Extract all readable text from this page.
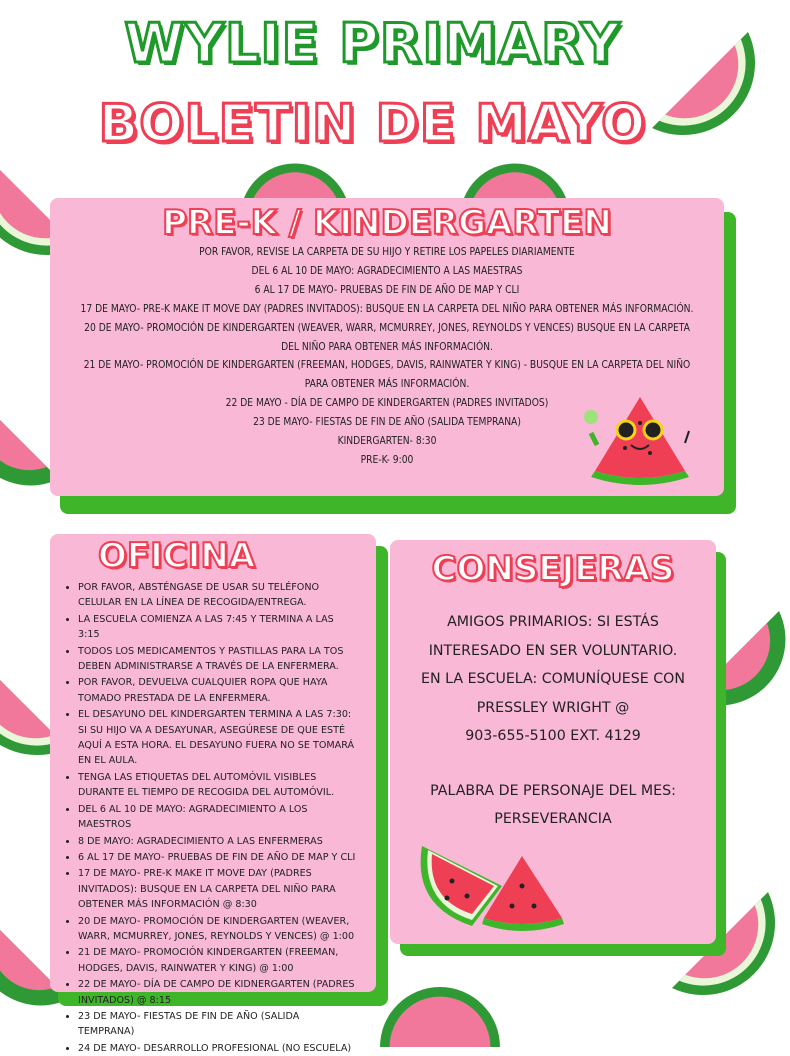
WYLIE PRIMARY
BOLETIN DE MAYO
PRE-K / KINDERGARTEN

POR FAVOR, REVISE LA CARPETA DE SU HIJO Y RETIRE LOS PAPELES DIARIAMENTE

DEL 6 AL 10 DE MAYO: AGRADECIMIENTO A LAS MAESTRAS

6 AL 17 DE MAYO- PRUEBAS DE FIN DE AÑO DE MAP Y CLI

17 DE MAYO- PRE-K MAKE IT MOVE DAY (PADRES INVITADOS): BUSQUE EN LA CARPETA DEL NIÑO PARA OBTENER MÁS INFORMACIÓN.

20 DE MAYO- PROMOCIÓN DE KINDERGARTEN (WEAVER, WARR, MCMURREY, JONES, REYNOLDS Y VENCES) BUSQUE EN LA CARPETA DEL NIÑO PARA OBTENER MÁS INFORMACIÓN.

21 DE MAYO- PROMOCIÓN DE KINDERGARTEN (FREEMAN, HODGES, DAVIS, RAINWATER Y KING) - BUSQUE EN LA CARPETA DEL NIÑO PARA OBTENER MÁS INFORMACIÓN.

22 DE MAYO - DÍA DE CAMPO DE KINDERGARTEN (PADRES INVITADOS)

23 DE MAYO- FIESTAS DE FIN DE AÑO (SALIDA TEMPRANA)

KINDERGARTEN- 8:30

PRE-K- 9:00

OFICINA
• POR FAVOR, ABSTÉNGASE DE USAR SU TELÉFONO CELULAR EN LA LÍNEA DE RECOGIDA/ENTREGA.
• LA ESCUELA COMIENZA A LAS 7:45 Y TERMINA A LAS 3:15
• TODOS LOS MEDICAMENTOS Y PASTILLAS PARA LA TOS DEBEN ADMINISTRARSE A TRAVÉS DE LA ENFERMERA.
• POR FAVOR, DEVUELVA CUALQUIER ROPA QUE HAYA TOMADO PRESTADA DE LA ENFERMERA.
• EL DESAYUNO DEL KINDERGARTEN TERMINA A LAS 7:30: SI SU HIJO VA A DESAYUNAR, ASEGÚRESE DE QUE ESTÉ AQUÍ A ESTA HORA. EL DESAYUNO FUERA NO SE TOMARÁ EN EL AULA.
• TENGA LAS ETIQUETAS DEL AUTOMÓVIL VISIBLES DURANTE EL TIEMPO DE RECOGIDA DEL AUTOMÓVIL.
• DEL 6 AL 10 DE MAYO: AGRADECIMIENTO A LOS MAESTROS
• 8 DE MAYO: AGRADECIMIENTO A LAS ENFERMERAS
• 6 AL 17 DE MAYO- PRUEBAS DE FIN DE AÑO DE MAP Y CLI
• 17 DE MAYO- PRE-K MAKE IT MOVE DAY (PADRES INVITADOS): BUSQUE EN LA CARPETA DEL NIÑO PARA OBTENER MÁS INFORMACIÓN @ 8:30
• 20 DE MAYO- PROMOCIÓN DE KINDERGARTEN (WEAVER, WARR, MCMURREY, JONES, REYNOLDS Y VENCES) @ 1:00
• 21 DE MAYO- PROMOCIÓN KINDERGARTEN (FREEMAN, HODGES, DAVIS, RAINWATER Y KING) @ 1:00
• 22 DE MAYO- DÍA DE CAMPO DE KIDNERGARTEN (PADRES INVITADOS) @ 8:15
• 23 DE MAYO- FIESTAS DE FIN DE AÑO (SALIDA TEMPRANA)
• 24 DE MAYO- DESARROLLO PROFESIONAL (NO ESCUELA)
CONSEJERAS

AMIGOS PRIMARIOS: SI ESTÁS INTERESADO EN SER VOLUNTARIO.

EN LA ESCUELA: COMUNÍQUESE CON PRESSLEY WRIGHT @

903-655-5100 EXT. 4129

PALABRA DE PERSONAJE DEL MES:

PERSEVERANCIA
